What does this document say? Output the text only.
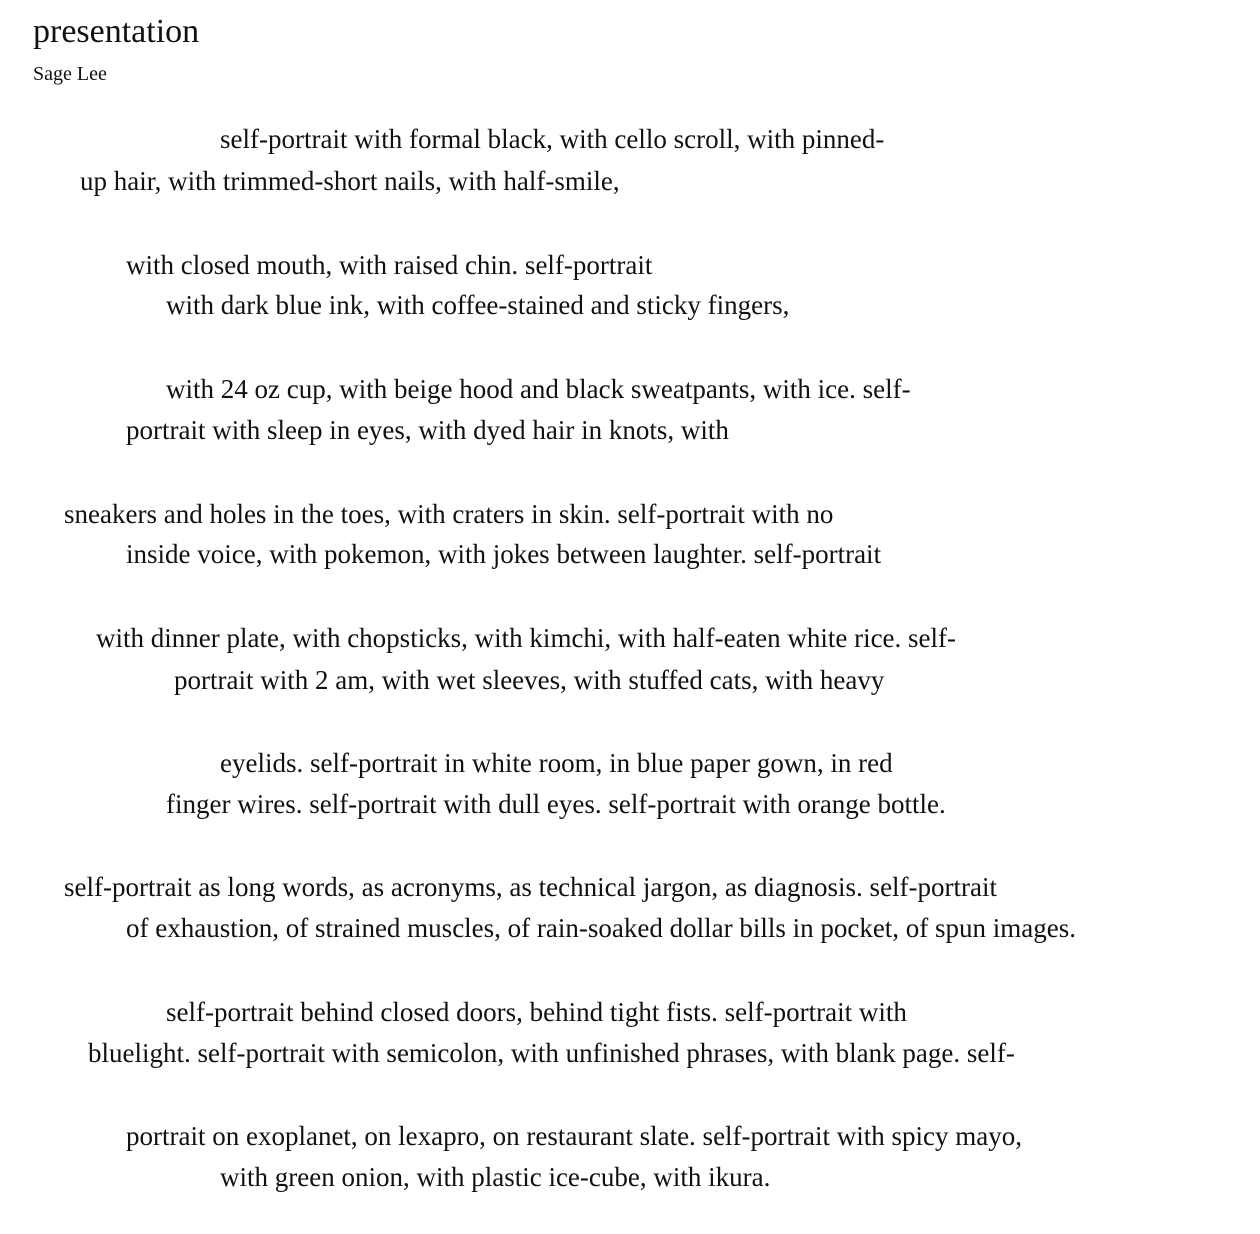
presentation
Sage Lee
self-portrait with formal black, with cello scroll, with pinned-
up hair, with trimmed-short nails, with half-smile,
with closed mouth, with raised chin. self-portrait
with dark blue ink, with coffee-stained and sticky fingers,
with 24 oz cup, with beige hood and black sweatpants, with ice. self-
portrait with sleep in eyes, with dyed hair in knots, with
sneakers and holes in the toes, with craters in skin. self-portrait with no
inside voice, with pokemon, with jokes between laughter. self-portrait
with dinner plate, with chopsticks, with kimchi, with half-eaten white rice. self-
portrait with 2 am, with wet sleeves, with stuffed cats, with heavy
eyelids. self-portrait in white room, in blue paper gown, in red
finger wires. self-portrait with dull eyes. self-portrait with orange bottle.
self-portrait as long words, as acronyms, as technical jargon, as diagnosis. self-portrait
of exhaustion, of strained muscles, of rain-soaked dollar bills in pocket, of spun images.
self-portrait behind closed doors, behind tight fists. self-portrait with
bluelight. self-portrait with semicolon, with unfinished phrases, with blank page. self-
portrait on exoplanet, on lexapro, on restaurant slate. self-portrait with spicy mayo,
with green onion, with plastic ice-cube, with ikura.
